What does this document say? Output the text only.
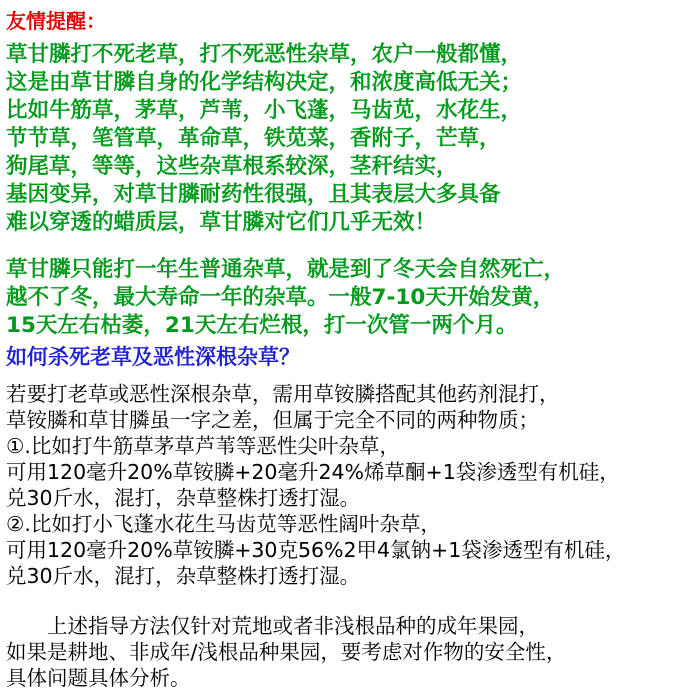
友情提醒：
草甘膦打不死老草，打不死恶性杂草，农户一般都懂，
这是由草甘膦自身的化学结构决定，和浓度高低无关；
比如牛筋草，茅草，芦苇，小飞蓬，马齿苋，水花生，
节节草，笔管草，革命草，铁苋菜，香附子，芒草，
狗尾草，等等，这些杂草根系较深，茎秆结实，
基因变异，对草甘膦耐药性很强，且其表层大多具备
难以穿透的蜡质层，草甘膦对它们几乎无效！
草甘膦只能打一年生普通杂草，就是到了冬天会自然死亡，
越不了冬，最大寿命一年的杂草。一般7-10天开始发黄，
15天左右枯萎，21天左右烂根，打一次管一两个月。
如何杀死老草及恶性深根杂草？
若要打老草或恶性深根杂草，需用草铵膦搭配其他药剂混打，
草铵膦和草甘膦虽一字之差，但属于完全不同的两种物质；
①.比如打牛筋草茅草芦苇等恶性尖叶杂草，
可用120毫升20%草铵膦+20毫升24%烯草酮+1袋渗透型有机硅，
兑30斤水，混打，杂草整株打透打湿。
②.比如打小飞蓬水花生马齿苋等恶性阔叶杂草，
可用120毫升20%草铵膦+30克56%2甲4氯钠+1袋渗透型有机硅，
兑30斤水，混打，杂草整株打透打湿。
　　上述指导方法仅针对荒地或者非浅根品种的成年果园，
如果是耕地、非成年/浅根品种果园，要考虑对作物的安全性，
具体问题具体分析。
